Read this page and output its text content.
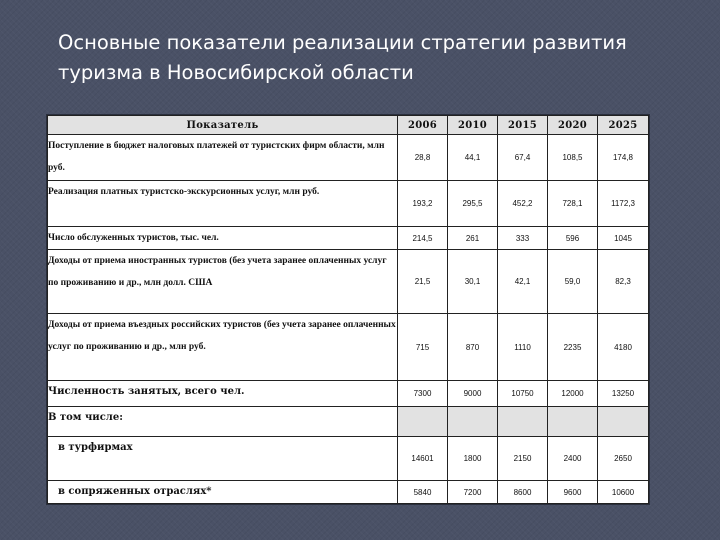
Основные показатели реализации стратегии развития туризма в Новосибирской области
Показатель	2006	2010	2015	2020	2025
Поступление в бюджет налоговых платежей от туристских фирм области, млн руб.	28,8	44,1	67,4	108,5	174,8
Реализация платных туристско-экскурсионных услуг, млн руб.	193,2	295,5	452,2	728,1	1172,3
Число обслуженных туристов, тыс. чел.	214,5	261	333	596	1045
Доходы от приема иностранных туристов (без учета заранее оплаченных услуг по проживанию и др., млн долл. США	21,5	30,1	42,1	59,0	82,3
Доходы от приема въездных российских туристов (без учета заранее оплаченных услуг по проживанию и др., млн руб.	715	870	1110	2235	4180
Численность занятых, всего чел.	7300	9000	10750	12000	13250
В том числе:					
в турфирмах	14601	1800	2150	2400	2650
в сопряженных отраслях*	5840	7200	8600	9600	10600
